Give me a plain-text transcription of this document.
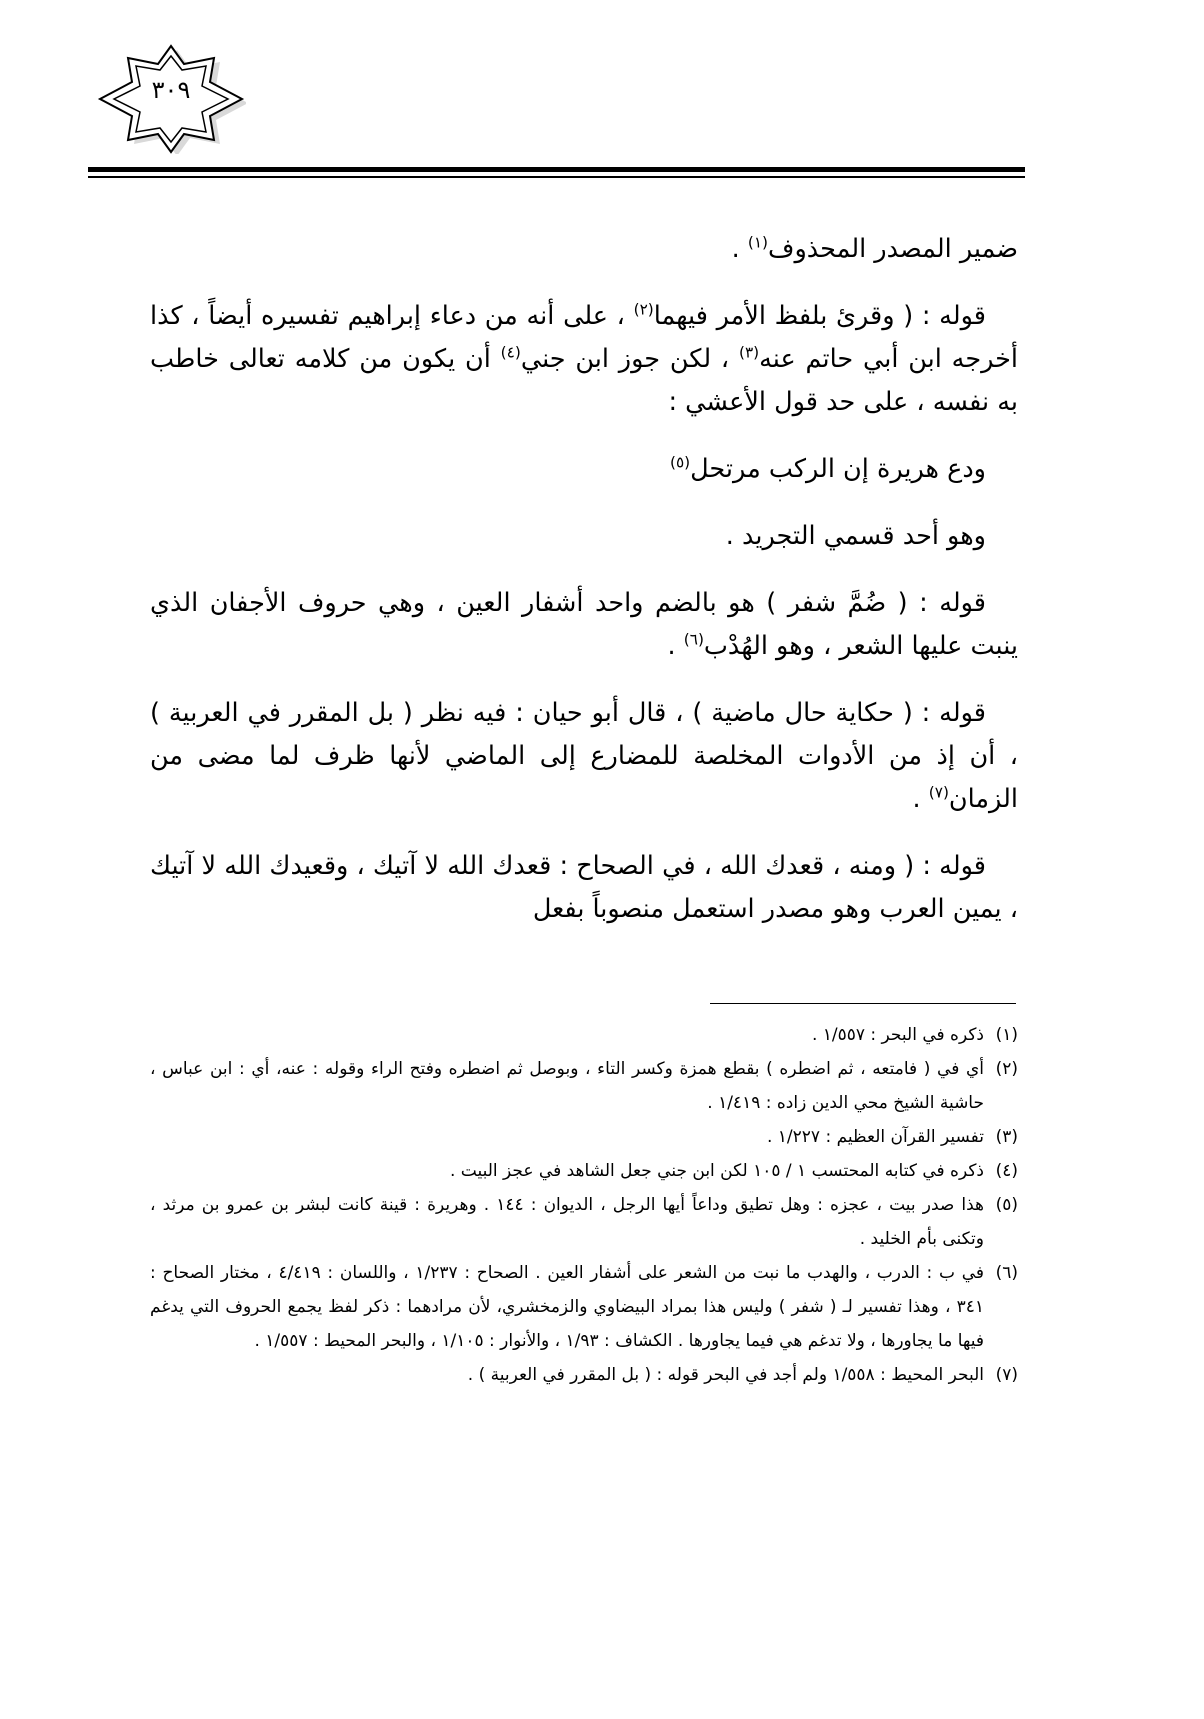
٣٠٩

ضمير المصدر المحذوف$^{(١)}$ .

قوله : ( وقرئ بلفظ الأمر فيهما$^{(٢)}$ ، على أنه من دعاء إبراهيم تفسيره أيضاً ، كذا أخرجه ابن أبي حاتم عنه$^{(٣)}$ ، لكن جوز ابن جني$^{(٤)}$ أن يكون من كلامه تعالى خاطب به نفسه ، على حد قول الأعشي :

ودع هريرة إن الركب مرتحل$^{(٥)}$

وهو أحد قسمي التجريد .

قوله : ( ضُمَّ شفر ) هو بالضم واحد أشفار العين ، وهي حروف الأجفان الذي ينبت عليها الشعر ، وهو الهُدْب$^{(٦)}$ .

قوله : ( حكاية حال ماضية ) ، قال أبو حيان : فيه نظر ( بل المقرر في العربية ) ، أن إذ من الأدوات المخلصة للمضارع إلى الماضي لأنها ظرف لما مضى من الزمان$^{(٧)}$ .

قوله : ( ومنه ، قعدك الله ، في الصحاح : قعدك الله لا آتيك ، وقعيدك الله لا آتيك ، يمين العرب وهو مصدر استعمل منصوباً بفعل

(١)ذكره في البحر : ١/٥٥٧ .

(٢)أي في ( فامتعه ، ثم اضطره ) بقطع همزة وكسر التاء ، وبوصل ثم اضطره وفتح الراء وقوله : عنه، أي : ابن عباس ، حاشية الشيخ محي الدين زاده : ١/٤١٩ .

(٣)تفسير القرآن العظيم : ١/٢٢٧ .

(٤)ذكره في كتابه المحتسب ١ / ١٠٥ لكن ابن جني جعل الشاهد في عجز البيت .

(٥)هذا صدر بيت ، عجزه : وهل تطيق وداعاً أيها الرجل ، الديوان : ١٤٤ . وهريرة : قينة كانت لبشر بن عمرو بن مرثد ، وتكنى بأم الخليد .

(٦)في ب : الدرب ، والهدب ما نبت من الشعر على أشفار العين . الصحاح : ١/٢٣٧ ، واللسان : ٤/٤١٩ ، مختار الصحاح : ٣٤١ ، وهذا تفسير لـ ( شفر ) وليس هذا بمراد البيضاوي والزمخشري، لأن مرادهما : ذكر لفظ يجمع الحروف التي يدغم فيها ما يجاورها ، ولا تدغم هي فيما يجاورها . الكشاف : ١/٩٣ ، والأنوار : ١/١٠٥ ، والبحر المحيط : ١/٥٥٧ .

(٧)البحر المحيط : ١/٥٥٨ ولم أجد في البحر قوله : ( بل المقرر في العربية ) .
